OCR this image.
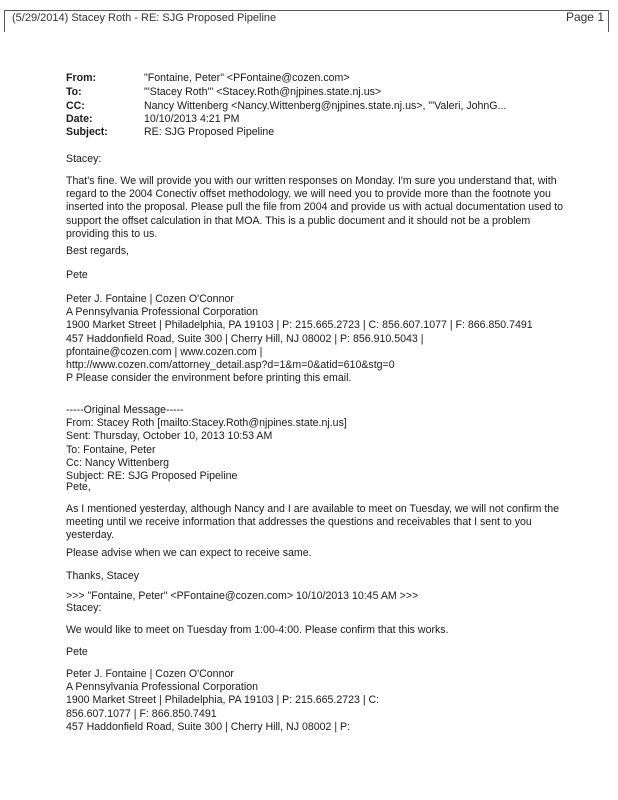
(5/29/2014) Stacey Roth - RE: SJG Proposed Pipeline	Page 1
From:	"Fontaine, Peter" <PFontaine@cozen.com>
To:	"'Stacey Roth'" <Stacey.Roth@njpines.state.nj.us>
CC:	Nancy Wittenberg <Nancy.Wittenberg@njpines.state.nj.us>, "'Valeri, JohnG...
Date:	10/10/2013 4:21 PM
Subject:	RE: SJG Proposed Pipeline
Stacey:
That's fine. We will provide you with our written responses on Monday. I'm sure you understand that, with
regard to the 2004 Conectiv offset methodology, we will need you to provide more than the footnote you
inserted into the proposal. Please pull the file from 2004 and provide us with actual documentation used to
support the offset calculation in that MOA. This is a public document and it should not be a problem
providing this to us.
Best regards,
Pete
Peter J. Fontaine | Cozen O'Connor
A Pennsylvania Professional Corporation
1900 Market Street | Philadelphia, PA 19103 | P: 215.665.2723 | C: 856.607.1077 | F: 866.850.7491
457 Haddonfield Road, Suite 300 | Cherry Hill, NJ 08002 | P: 856.910.5043 |
pfontaine@cozen.com | www.cozen.com |
http://www.cozen.com/attorney_detail.asp?d=1&m=0&atid=610&stg=0
P Please consider the environment before printing this email.
-----Original Message-----
From: Stacey Roth [mailto:Stacey.Roth@njpines.state.nj.us]
Sent: Thursday, October 10, 2013 10:53 AM
To: Fontaine, Peter
Cc: Nancy Wittenberg
Subject: RE: SJG Proposed Pipeline
Pete,
As I mentioned yesterday, although Nancy and I are available to meet on Tuesday, we will not confirm the
meeting until we receive information that addresses the questions and receivables that I sent to you
yesterday.
Please advise when we can expect to receive same.
Thanks, Stacey
>>> "Fontaine, Peter" <PFontaine@cozen.com> 10/10/2013 10:45 AM >>>
Stacey:
We would like to meet on Tuesday from 1:00-4:00. Please confirm that this works.
Pete
Peter J. Fontaine | Cozen O'Connor
A Pennsylvania Professional Corporation
1900 Market Street | Philadelphia, PA 19103 | P: 215.665.2723 | C:
856.607.1077 | F: 866.850.7491
457 Haddonfield Road, Suite 300 | Cherry Hill, NJ 08002 | P:
